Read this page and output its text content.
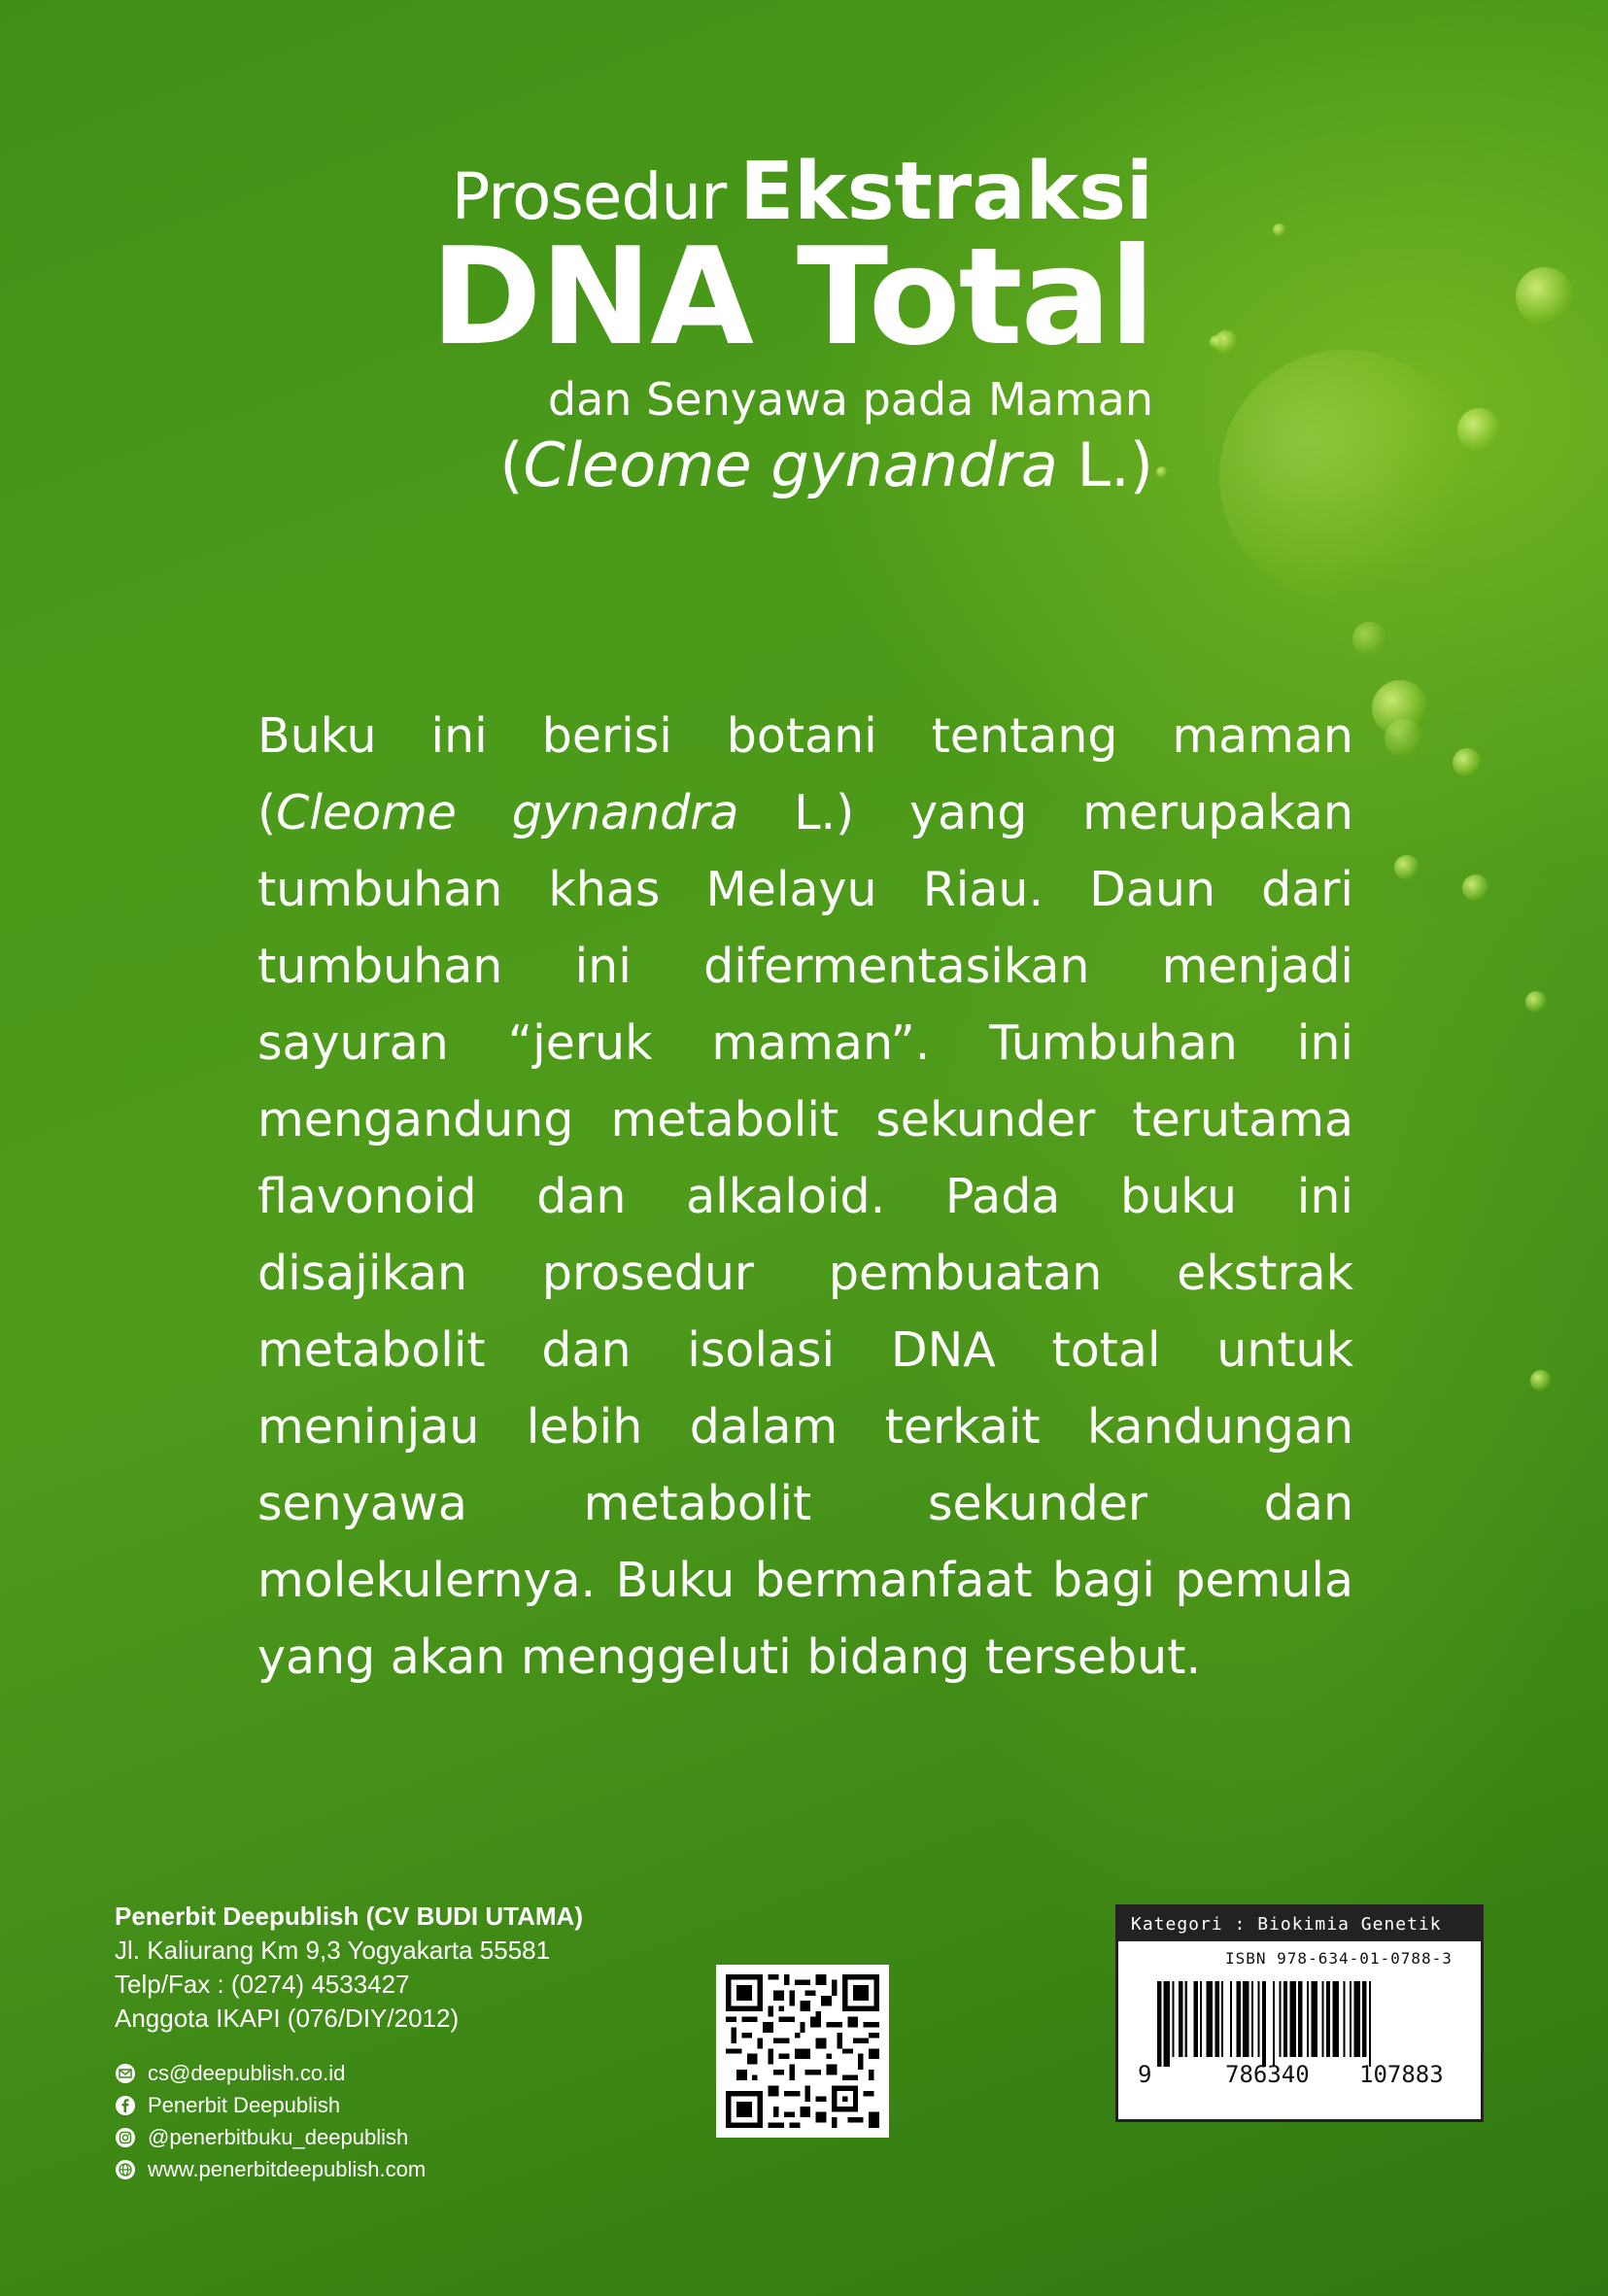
Prosedur Ekstraksi
DNA Total
dan Senyawa pada Maman
(Cleome gynandra L.)
Buku ini berisi botani tentang maman (Cleome gynandra L.) yang merupakan tumbuhan khas Melayu Riau. Daun dari tumbuhan ini difermentasikan menjadi sayuran “jeruk maman”. Tumbuhan ini mengandung metabolit sekunder terutama flavonoid dan alkaloid. Pada buku ini disajikan prosedur pembuatan ekstrak metabolit dan isolasi DNA total untuk meninjau lebih dalam terkait kandungan senyawa metabolit sekunder dan molekulernya. Buku bermanfaat bagi pemula yang akan menggeluti bidang tersebut.
Penerbit Deepublish (CV BUDI UTAMA)
Jl. Kaliurang Km 9,3 Yogyakarta 55581
Telp/Fax : (0274) 4533427
Anggota IKAPI (076/DIY/2012)
cs@deepublish.co.id
Penerbit Deepublish
@penerbitbuku_deepublish
www.penerbitdeepublish.com
Kategori : Biokimia Genetik
ISBN 978-634-01-0788-3
9	786340 107883
